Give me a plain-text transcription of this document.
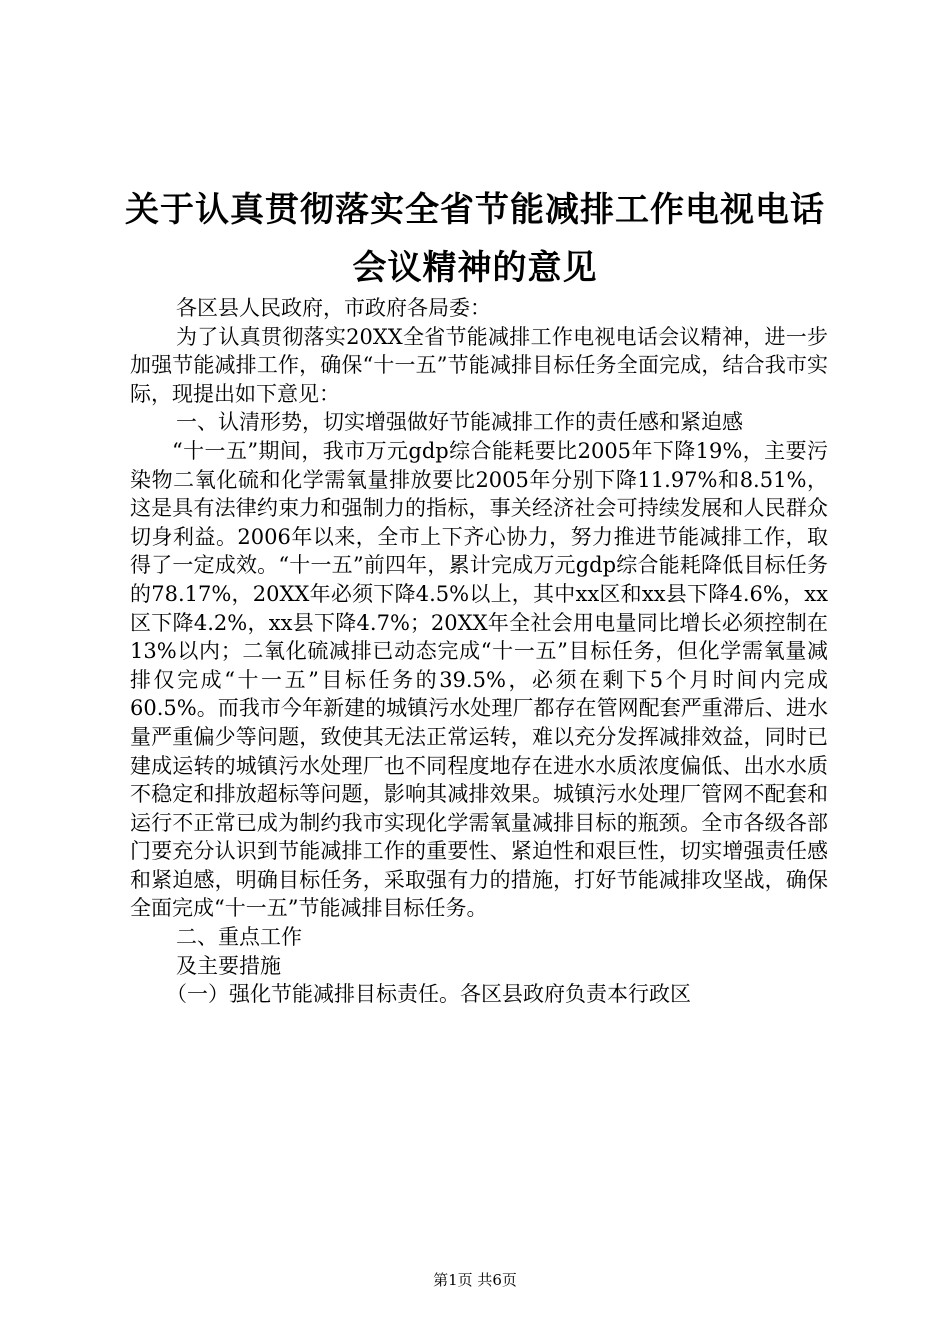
关于认真贯彻落实全省节能减排工作电视电话
会议精神的意见

各区县人民政府，市政府各局委：

为了认真贯彻落实20XX全省节能减排工作电视电话会议精神，进一步加强节能减排工作，确保“十一五”节能减排目标任务全面完成，结合我市实际，现提出如下意见：

一、认清形势，切实增强做好节能减排工作的责任感和紧迫感

“十一五”期间，我市万元gdp综合能耗要比2005年下降19%，主要污染物二氧化硫和化学需氧量排放要比2005年分别下降11.97%和8.51%，这是具有法律约束力和强制力的指标，事关经济社会可持续发展和人民群众切身利益。2006年以来，全市上下齐心协力，努力推进节能减排工作，取得了一定成效。“十一五”前四年，累计完成万元gdp综合能耗降低目标任务的78.17%，20XX年必须下降4.5%以上，其中xx区和xx县下降4.6%，xx区下降4.2%，xx县下降4.7%；20XX年全社会用电量同比增长必须控制在13%以内；二氧化硫减排已动态完成“十一五”目标任务，但化学需氧量减排仅完成“十一五”目标任务的39.5%，必须在剩下5个月时间内完成60.5%。而我市今年新建的城镇污水处理厂都存在管网配套严重滞后、进水量严重偏少等问题，致使其无法正常运转，难以充分发挥减排效益，同时已建成运转的城镇污水处理厂也不同程度地存在进水水质浓度偏低、出水水质不稳定和排放超标等问题，影响其减排效果。城镇污水处理厂管网不配套和运行不正常已成为制约我市实现化学需氧量减排目标的瓶颈。全市各级各部门要充分认识到节能减排工作的重要性、紧迫性和艰巨性，切实增强责任感和紧迫感，明确目标任务，采取强有力的措施，打好节能减排攻坚战，确保全面完成“十一五”节能减排目标任务。

二、重点工作

及主要措施

（一）强化节能减排目标责任。各区县政府负责本行政区

第1页 共6页
